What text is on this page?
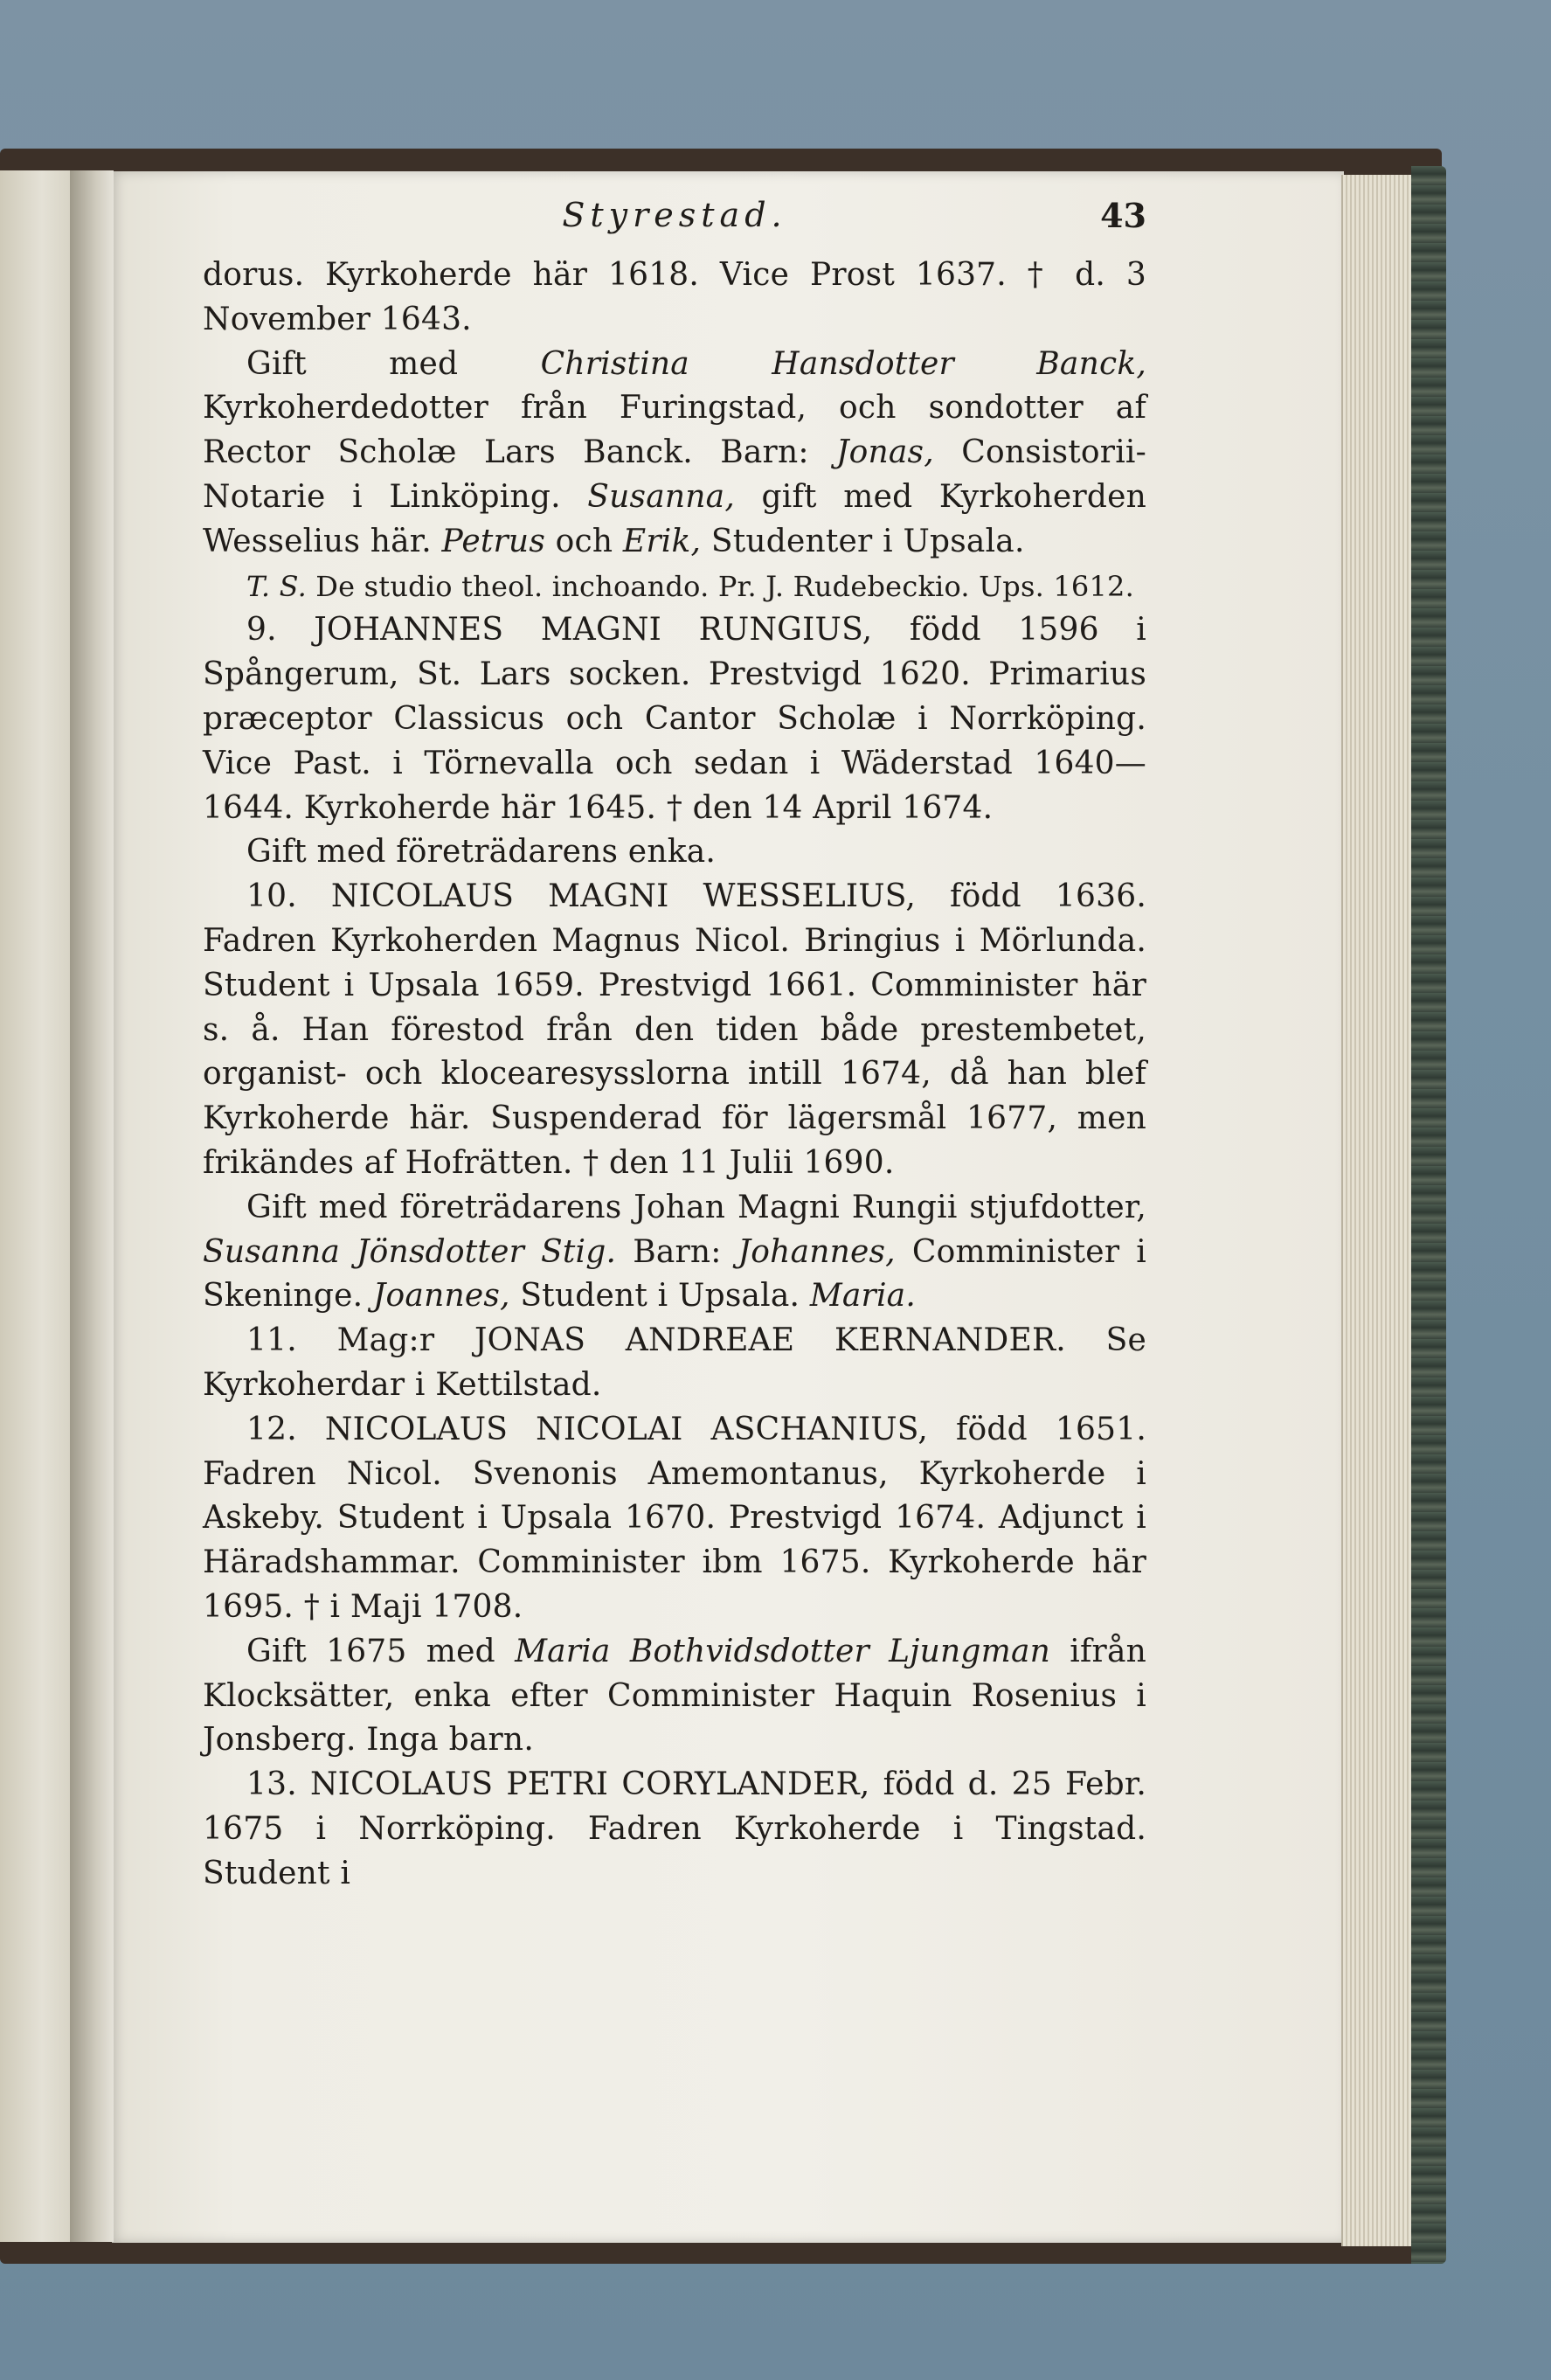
Styrestad.	43

dorus. Kyrkoherde här 1618. Vice Prost 1637. † d. 3 November 1643.

Gift med Christina Hansdotter Banck, Kyrkoherdedotter från Furingstad, och sondotter af Rector Scholæ Lars Banck. Barn: Jonas, Consistorii-Notarie i Linköping. Susanna, gift med Kyrkoherden Wesselius här. Petrus och Erik, Studenter i Upsala.

T. S. De studio theol. inchoando. Pr. J. Rudebeckio. Ups. 1612.

9. JOHANNES MAGNI RUNGIUS, född 1596 i Spångerum, St. Lars socken. Prestvigd 1620. Primarius præceptor Classicus och Cantor Scholæ i Norrköping. Vice Past. i Törnevalla och sedan i Wäderstad 1640—1644. Kyrkoherde här 1645. † den 14 April 1674.

Gift med företrädarens enka.

10. NICOLAUS MAGNI WESSELIUS, född 1636. Fadren Kyrkoherden Magnus Nicol. Bringius i Mörlunda. Student i Upsala 1659. Prestvigd 1661. Comminister här s. å. Han förestod från den tiden både prestembetet, organist- och klocearesysslorna intill 1674, då han blef Kyrkoherde här. Suspenderad för lägersmål 1677, men frikändes af Hofrätten. † den 11 Julii 1690.

Gift med företrädarens Johan Magni Rungii stjufdotter, Susanna Jönsdotter Stig. Barn: Johannes, Comminister i Skeninge. Joannes, Student i Upsala. Maria.

11. Mag:r JONAS ANDREAE KERNANDER. Se Kyrkoherdar i Kettilstad.

12. NICOLAUS NICOLAI ASCHANIUS, född 1651. Fadren Nicol. Svenonis Amemontanus, Kyrkoherde i Askeby. Student i Upsala 1670. Prestvigd 1674. Adjunct i Häradshammar. Comminister ibm 1675. Kyrkoherde här 1695. † i Maji 1708.

Gift 1675 med Maria Bothvidsdotter Ljungman ifrån Klocksätter, enka efter Comminister Haquin Rosenius i Jonsberg. Inga barn.

13. NICOLAUS PETRI CORYLANDER, född d. 25 Febr. 1675 i Norrköping. Fadren Kyrkoherde i Tingstad. Student i
